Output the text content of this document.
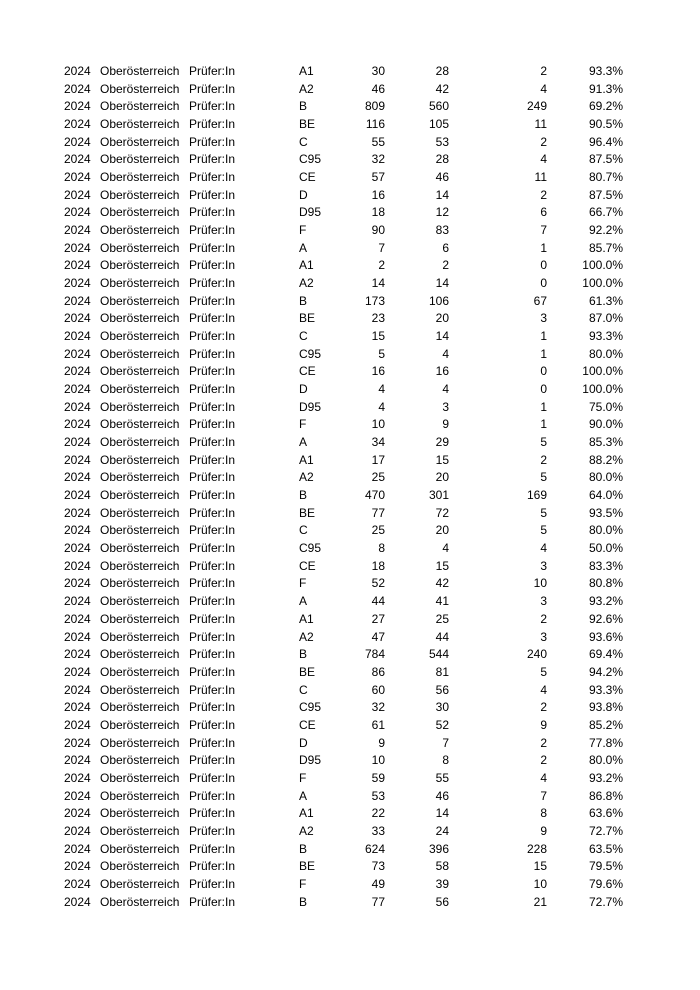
2024	Oberösterreich	Prüfer:In	A1	30	28	2	93.3%
2024	Oberösterreich	Prüfer:In	A2	46	42	4	91.3%
2024	Oberösterreich	Prüfer:In	B	809	560	249	69.2%
2024	Oberösterreich	Prüfer:In	BE	116	105	11	90.5%
2024	Oberösterreich	Prüfer:In	C	55	53	2	96.4%
2024	Oberösterreich	Prüfer:In	C95	32	28	4	87.5%
2024	Oberösterreich	Prüfer:In	CE	57	46	11	80.7%
2024	Oberösterreich	Prüfer:In	D	16	14	2	87.5%
2024	Oberösterreich	Prüfer:In	D95	18	12	6	66.7%
2024	Oberösterreich	Prüfer:In	F	90	83	7	92.2%
2024	Oberösterreich	Prüfer:In	A	7	6	1	85.7%
2024	Oberösterreich	Prüfer:In	A1	2	2	0	100.0%
2024	Oberösterreich	Prüfer:In	A2	14	14	0	100.0%
2024	Oberösterreich	Prüfer:In	B	173	106	67	61.3%
2024	Oberösterreich	Prüfer:In	BE	23	20	3	87.0%
2024	Oberösterreich	Prüfer:In	C	15	14	1	93.3%
2024	Oberösterreich	Prüfer:In	C95	5	4	1	80.0%
2024	Oberösterreich	Prüfer:In	CE	16	16	0	100.0%
2024	Oberösterreich	Prüfer:In	D	4	4	0	100.0%
2024	Oberösterreich	Prüfer:In	D95	4	3	1	75.0%
2024	Oberösterreich	Prüfer:In	F	10	9	1	90.0%
2024	Oberösterreich	Prüfer:In	A	34	29	5	85.3%
2024	Oberösterreich	Prüfer:In	A1	17	15	2	88.2%
2024	Oberösterreich	Prüfer:In	A2	25	20	5	80.0%
2024	Oberösterreich	Prüfer:In	B	470	301	169	64.0%
2024	Oberösterreich	Prüfer:In	BE	77	72	5	93.5%
2024	Oberösterreich	Prüfer:In	C	25	20	5	80.0%
2024	Oberösterreich	Prüfer:In	C95	8	4	4	50.0%
2024	Oberösterreich	Prüfer:In	CE	18	15	3	83.3%
2024	Oberösterreich	Prüfer:In	F	52	42	10	80.8%
2024	Oberösterreich	Prüfer:In	A	44	41	3	93.2%
2024	Oberösterreich	Prüfer:In	A1	27	25	2	92.6%
2024	Oberösterreich	Prüfer:In	A2	47	44	3	93.6%
2024	Oberösterreich	Prüfer:In	B	784	544	240	69.4%
2024	Oberösterreich	Prüfer:In	BE	86	81	5	94.2%
2024	Oberösterreich	Prüfer:In	C	60	56	4	93.3%
2024	Oberösterreich	Prüfer:In	C95	32	30	2	93.8%
2024	Oberösterreich	Prüfer:In	CE	61	52	9	85.2%
2024	Oberösterreich	Prüfer:In	D	9	7	2	77.8%
2024	Oberösterreich	Prüfer:In	D95	10	8	2	80.0%
2024	Oberösterreich	Prüfer:In	F	59	55	4	93.2%
2024	Oberösterreich	Prüfer:In	A	53	46	7	86.8%
2024	Oberösterreich	Prüfer:In	A1	22	14	8	63.6%
2024	Oberösterreich	Prüfer:In	A2	33	24	9	72.7%
2024	Oberösterreich	Prüfer:In	B	624	396	228	63.5%
2024	Oberösterreich	Prüfer:In	BE	73	58	15	79.5%
2024	Oberösterreich	Prüfer:In	F	49	39	10	79.6%
2024	Oberösterreich	Prüfer:In	B	77	56	21	72.7%
